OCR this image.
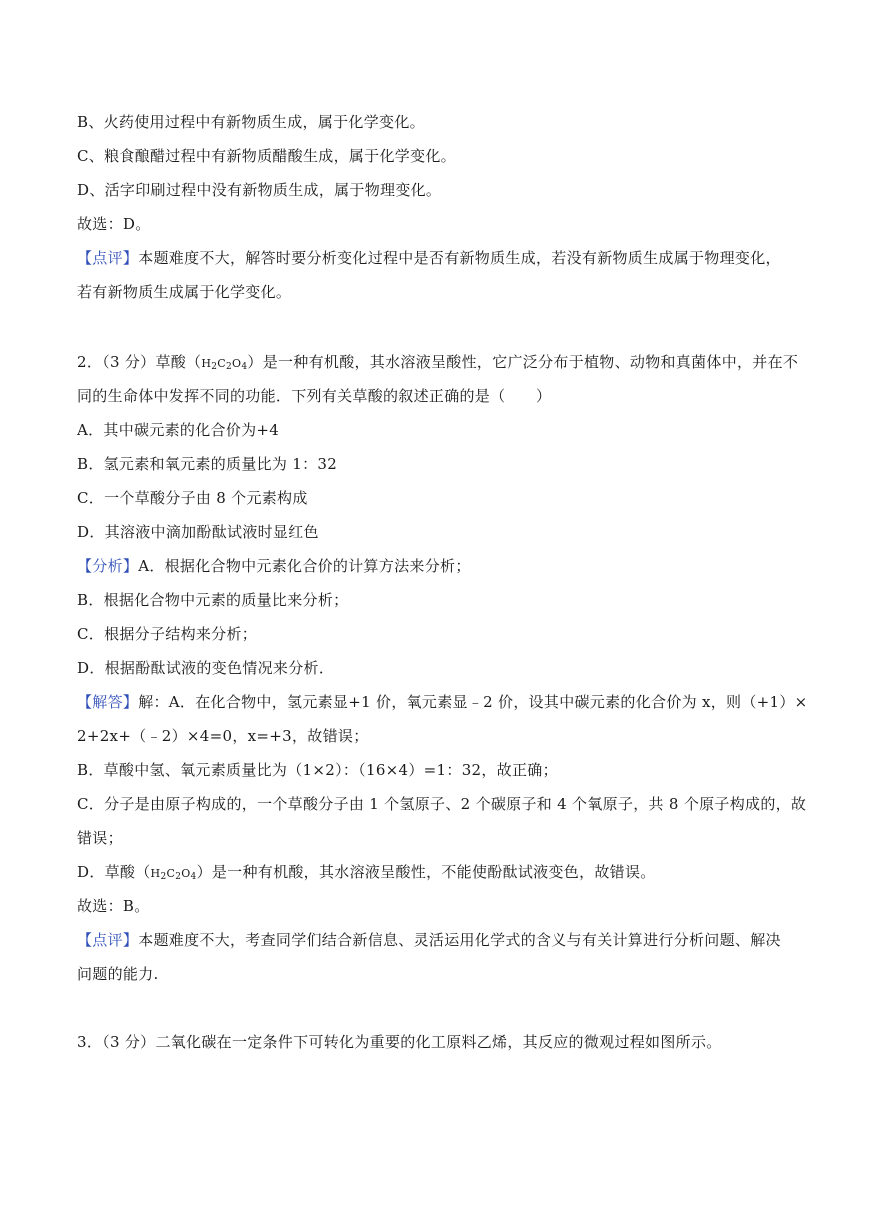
B、火药使用过程中有新物质生成，属于化学变化。
C、粮食酿醋过程中有新物质醋酸生成，属于化学变化。
D、活字印刷过程中没有新物质生成，属于物理变化。
故选：D。
【点评】本题难度不大，解答时要分析变化过程中是否有新物质生成，若没有新物质生成属于物理变化，
若有新物质生成属于化学变化。
2．（3 分）草酸$(H_2C_2O_4)$是一种有机酸，其水溶液呈酸性，它广泛分布于植物、动物和真菌体中，并在不
同的生命体中发挥不同的功能．下列有关草酸的叙述正确的是（　　）
A．其中碳元素的化合价为+4
B．氢元素和氧元素的质量比为 1：32
C．一个草酸分子由 8 个元素构成
D．其溶液中滴加酚酞试液时显红色
【分析】A．根据化合物中元素化合价的计算方法来分析；
B．根据化合物中元素的质量比来分析；
C．根据分子结构来分析；
D．根据酚酞试液的变色情况来分析．
【解答】解：A．在化合物中，氢元素显+1 价，氧元素显﹣2 价，设其中碳元素的化合价为 x，则（+1）×
2+2x+（﹣2）×4=0，x=+3，故错误；
B．草酸中氢、氧元素质量比为（1×2）：（16×4）=1：32，故正确；
C．分子是由原子构成的，一个草酸分子由 1 个氢原子、2 个碳原子和 4 个氧原子，共 8 个原子构成的，故
错误；
D．草酸$(H_2C_2O_4)$是一种有机酸，其水溶液呈酸性，不能使酚酞试液变色，故错误。
故选：B。
【点评】本题难度不大，考查同学们结合新信息、灵活运用化学式的含义与有关计算进行分析问题、解决
问题的能力.
3．（3 分）二氧化碳在一定条件下可转化为重要的化工原料乙烯，其反应的微观过程如图所示。
